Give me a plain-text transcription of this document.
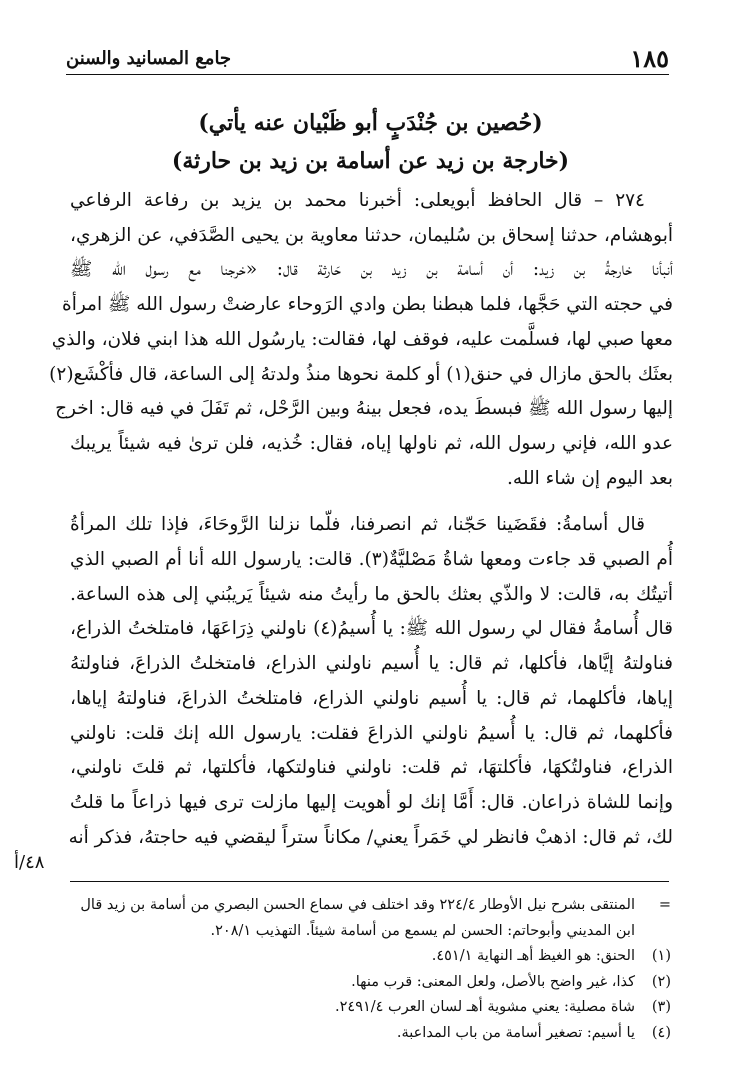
١٨٥
جامع المسانيد والسنن
(حُصين بن جُنْدَبٍ أبو ظَبْيان عنه يأتي)
(خارجة بن زيد عن أسامة بن زيد بن حارثة)
٢٧٤ – قال الحافظ أبويعلى: أخبرنا محمد بن يزيد بن رفاعة الرفاعي
أبوهشام، حدثنا إسحاق بن سُليمان، حدثنا معاوية بن يحيى الصَّدَفي، عن الزهري،
أنبأنا خارجةُ بن زيد: أن أسامة بن زيد بن حَارثة قال: «خرجنا مع رسول الله ﷺ
في حجته التي حَجَّها، فلما هبطنا بطن وادي الرَوحاء عارضتْ رسول الله ﷺ امرأة
معها صبي لها، فسلَّمت عليه، فوقف لها، فقالت: يارسُول الله هذا ابني فلان، والذي
بعثَك بالحق مازال في حنق(١) أو كلمة نحوها منذُ ولدتهُ إلى الساعة، قال فأكْشَع(٢)
إليها رسول الله ﷺ فبسطَ يده، فجعل بينهُ وبين الرَّحْل، ثم تَفَلَ في فيه قال: اخرج
عدو الله، فإني رسول الله، ثم ناولها إياه، فقال: خُذيه، فلن ترىٰ فيه شيئاً يريبك
بعد اليوم إن شاء الله.
قال أسامةُ: فقَضَينا حَجّنا، ثم انصرفنا، فلّما نزلنا الرَّوحَاءَ، فإذا تلك المرأةُ
أُم الصبي قد جاءت ومعها شاةُ مَصْليَّةٌ(٣). قالت: يارسول الله أنا أم الصبي الذي
أتيتُك به، قالت: لا والذّي بعثك بالحق ما رأيتُ منه شيئاً يَريبُني إلى هذه الساعة.
قال أُسامةُ فقال لي رسول الله ﷺ: يا أُسيمُ(٤) ناولني ذِرَاعَهَا، فامتلختُ الذراع،
فناولتهُ إيَّاها، فأكلها، ثم قال: يا أُسيم ناولني الذراع، فامتخلتُ الذراعَ، فناولتهُ
إياها، فأكلهما، ثم قال: يا أُسيم ناولني الذراع، فامتلختُ الذراعَ، فناولتهُ إياها،
فأكلهما، ثم قال: يا أُسيمُ ناولني الذراعَ فقلت: يارسول الله إنك قلت: ناولني
الذراع، فناولتُكهَا، فأكلتهَا، ثم قلت: ناولني فناولتكها، فأكلتها، ثم قلتَ ناولني،
وإنما للشاة ذراعان. قال: أَمَّا إنك لو أهويت إليها مازلت ترى فيها ذراعاً ما قلتُ
لك، ثم قال: اذهبْ فانظر لي خَمَراً يعني/ مكاناً ستراً ليقضي فيه حاجتهُ، فذكر أنه
٤٨/أ
=
المنتقى بشرح نيل الأوطار ٢٢٤/٤ وقد اختلف في سماع الحسن البصري من أسامة بن زيد قال
ابن المديني وأبوحاتم: الحسن لم يسمع من أسامة شيئاً. التهذيب ٢٠٨/١.
(١)
الحنق: هو الغيظ أهـ النهاية ٤٥١/١.
(٢)
كذا، غير واضح بالأصل، ولعل المعنى: قرب منها.
(٣)
شاة مصلية: يعني مشوية أهـ لسان العرب ٢٤٩١/٤.
(٤)
يا أسيم: تصغير أسامة من باب المداعبة.
